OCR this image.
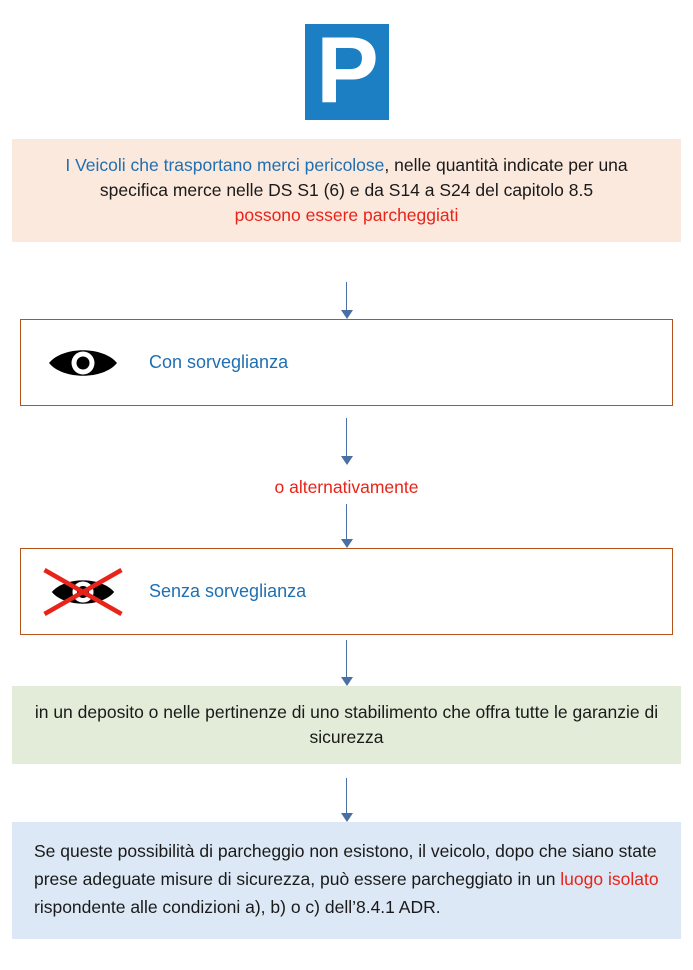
P
I Veicoli che trasportano merci pericolose, nelle quantità indicate per una specifica merce nelle DS S1 (6) e da S14 a S24 del capitolo 8.5
possono essere parcheggiati
Con sorveglianza
o alternativamente
Senza sorveglianza
in un deposito o nelle pertinenze di uno stabilimento che offra tutte le garanzie di sicurezza
Se queste possibilità di parcheggio non esistono, il veicolo, dopo che siano state prese adeguate misure di sicurezza, può essere parcheggiato in un luogo isolato rispondente alle condizioni a), b) o c) dell’8.4.1 ADR.
